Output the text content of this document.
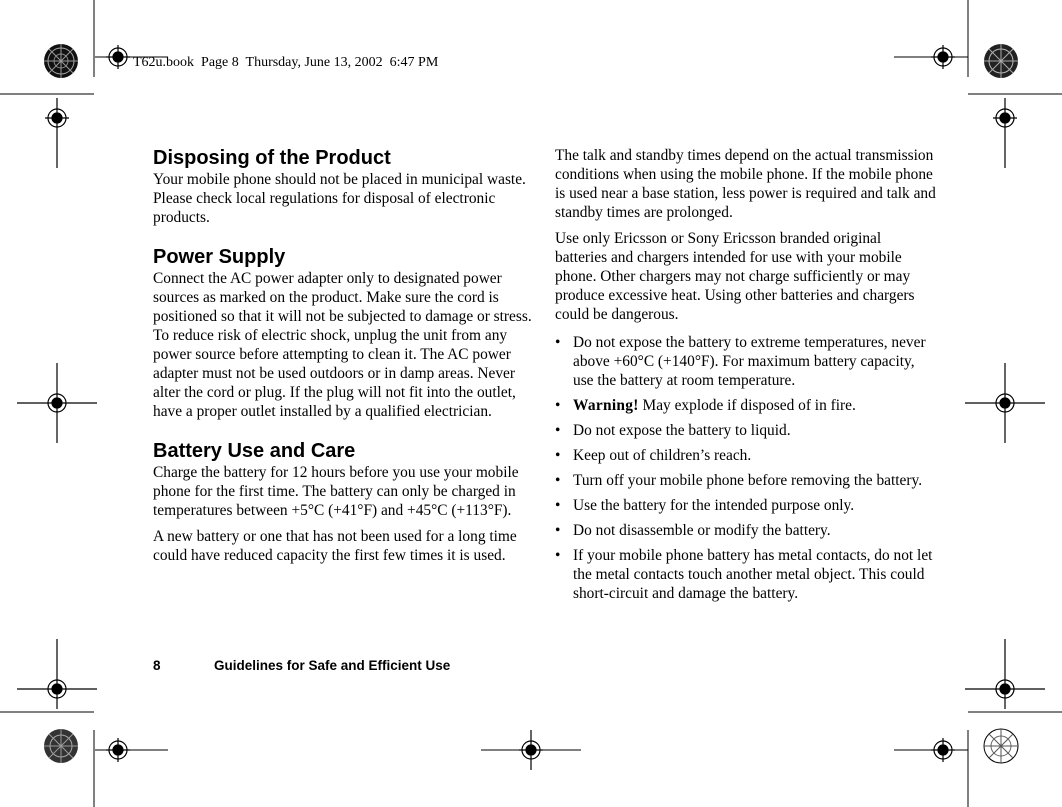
T62u.book  Page 8  Thursday, June 13, 2002  6:47 PM
Disposing of the Product

Your mobile phone should not be placed in municipal waste. Please check local regulations for disposal of electronic products.

Power Supply

Connect the AC power adapter only to designated power sources as marked on the product. Make sure the cord is positioned so that it will not be subjected to damage or stress. To reduce risk of electric shock, unplug the unit from any power source before attempting to clean it. The AC power adapter must not be used outdoors or in damp areas. Never alter the cord or plug. If the plug will not fit into the outlet, have a proper outlet installed by a qualified electrician.

Battery Use and Care

Charge the battery for 12 hours before you use your mobile phone for the first time. The battery can only be charged in temperatures between +5°C (+41°F) and +45°C (+113°F).

A new battery or one that has not been used for a long time could have reduced capacity the first few times it is used.

The talk and standby times depend on the actual transmission conditions when using the mobile phone. If the mobile phone is used near a base station, less power is required and talk and standby times are prolonged.

Use only Ericsson or Sony Ericsson branded original batteries and chargers intended for use with your mobile phone. Other chargers may not charge sufficiently or may produce excessive heat. Using other batteries and chargers could be dangerous.

• Do not expose the battery to extreme temperatures, never above +60°C (+140°F). For maximum battery capacity, use the battery at room temperature.
• Warning! May explode if disposed of in fire.
• Do not expose the battery to liquid.
• Keep out of children’s reach.
• Turn off your mobile phone before removing the battery.
• Use the battery for the intended purpose only.
• Do not disassemble or modify the battery.
• If your mobile phone battery has metal contacts, do not let the metal contacts touch another metal object. This could short-circuit and damage the battery.
8	Guidelines for Safe and Efficient Use
